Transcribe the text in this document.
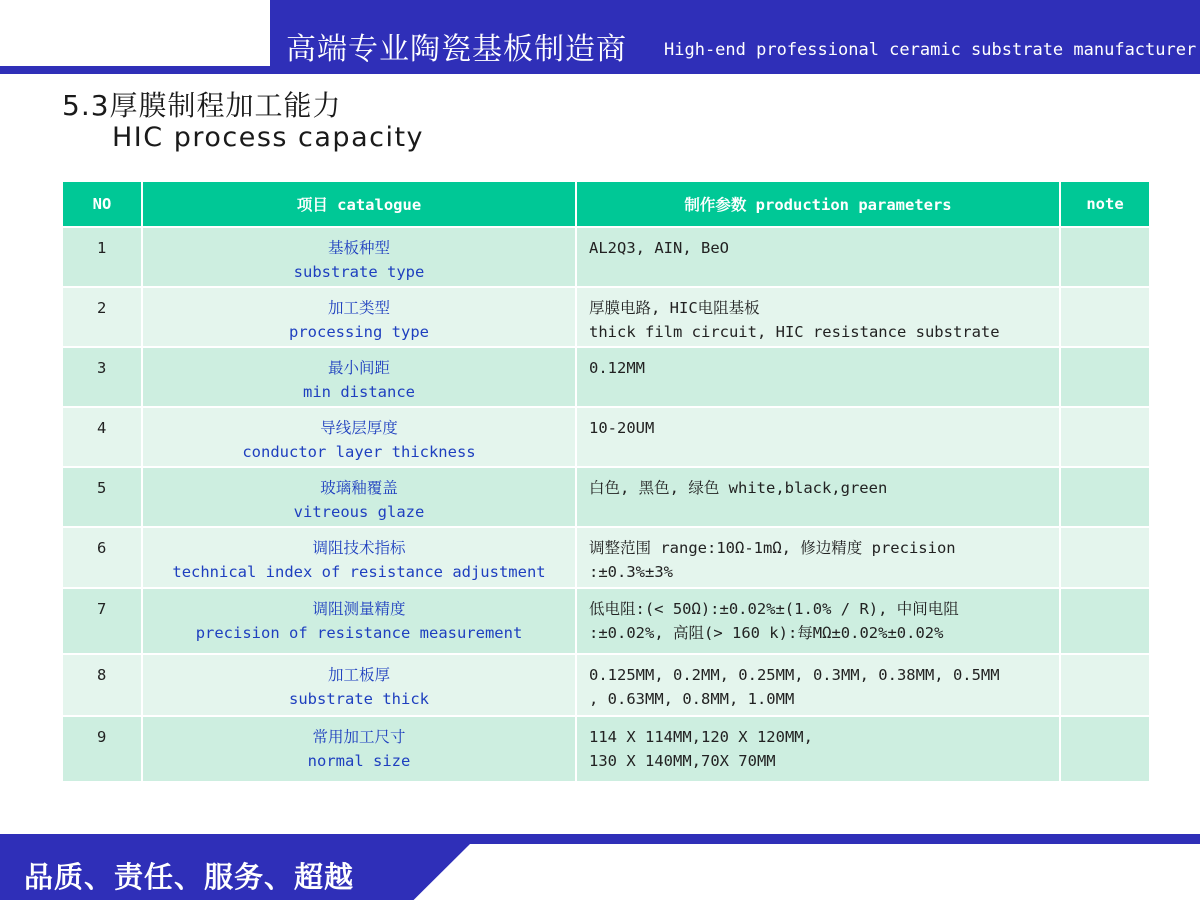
高端专业陶瓷基板制造商 High-end professional ceramic substrate manufacturer
5.3厚膜制程加工能力
HIC process capacity
NO	项目 catalogue	制作参数 production parameters	note
1	基板种型
substrate type	AL2Q3, AIN, BeO	

2	加工类型
processing type	厚膜电路, HIC电阻基板
thick film circuit, HIC resistance substrate	

3	最小间距
min distance	0.12MM	

4	导线层厚度
conductor layer thickness	10-20UM	

5	玻璃釉覆盖
vitreous glaze	白色, 黑色, 绿色 white,black,green	

6	调阻技术指标
technical index of resistance adjustment	调整范围 range:10Ω-1mΩ, 修边精度 precision
:±0.3%±3%	

7	调阻测量精度
precision of resistance measurement	低电阻:(< 50Ω):±0.02%±(1.0% / R), 中间电阻
:±0.02%, 高阻(> 160 k):每MΩ±0.02%±0.02%	

8	加工板厚
substrate thick	0.125MM, 0.2MM, 0.25MM, 0.3MM, 0.38MM, 0.5MM
, 0.63MM, 0.8MM, 1.0MM	

9	常用加工尺寸
normal size	114 X 114MM,120 X 120MM,
130 X 140MM,70X 70MM	

品质、责任、服务、超越
